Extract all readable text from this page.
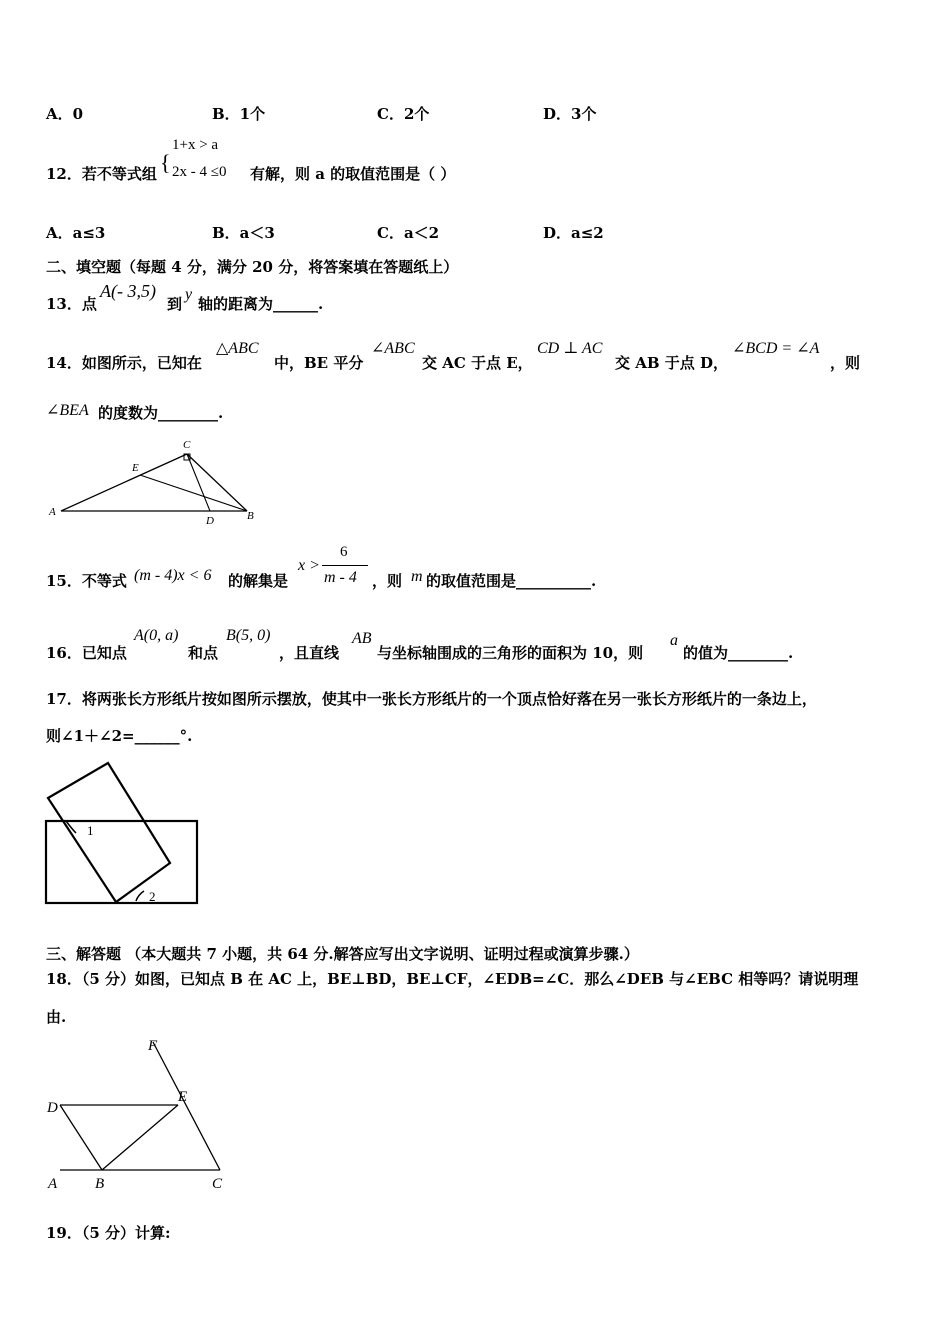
A．0	B．1个	C．2个	D．3个
12．若不等式组 {
1+x > a
2x - 4 ≤0 有解，则 a 的取值范围是（ ）
A．a≤3	B．a＜3	C．a＜2	D．a≤2
二、填空题（每题 4 分，满分 20 分，将答案填在答题纸上）
13．点
A(- 3,5)
到
y
轴的距离为______.
14．如图所示，已知在
△ABC
中，BE 平分
∠ABC
交 AC 于点 E，
CD ⊥ AC
交 AB 于点 D，
∠BCD = ∠A
，则
∠BEA 的度数为________.
A	B
C
D
E
15．不等式 (m - 4)x < 6 的解集是
x >
6
m - 4 ，则 m 的取值范围是__________.
16．已知点
A(0, a)
和点
B(5, 0)
，且直线
AB
与坐标轴围成的三角形的面积为 10，则
a
的值为________.
17．将两张长方形纸片按如图所示摆放，使其中一张长方形纸片的一个顶点恰好落在另一张长方形纸片的一条边上，
则∠1＋∠2=______°.
1
2
三、解答题 （本大题共 7 小题，共 64 分.解答应写出文字说明、证明过程或演算步骤.）
18．（5 分）如图，已知点 B 在 AC 上，BE⊥BD，BE⊥CF，∠EDB=∠C．那么∠DEB 与∠EBC 相等吗？请说明理
由.
F
E
D
A	B	C
19．（5 分）计算:
